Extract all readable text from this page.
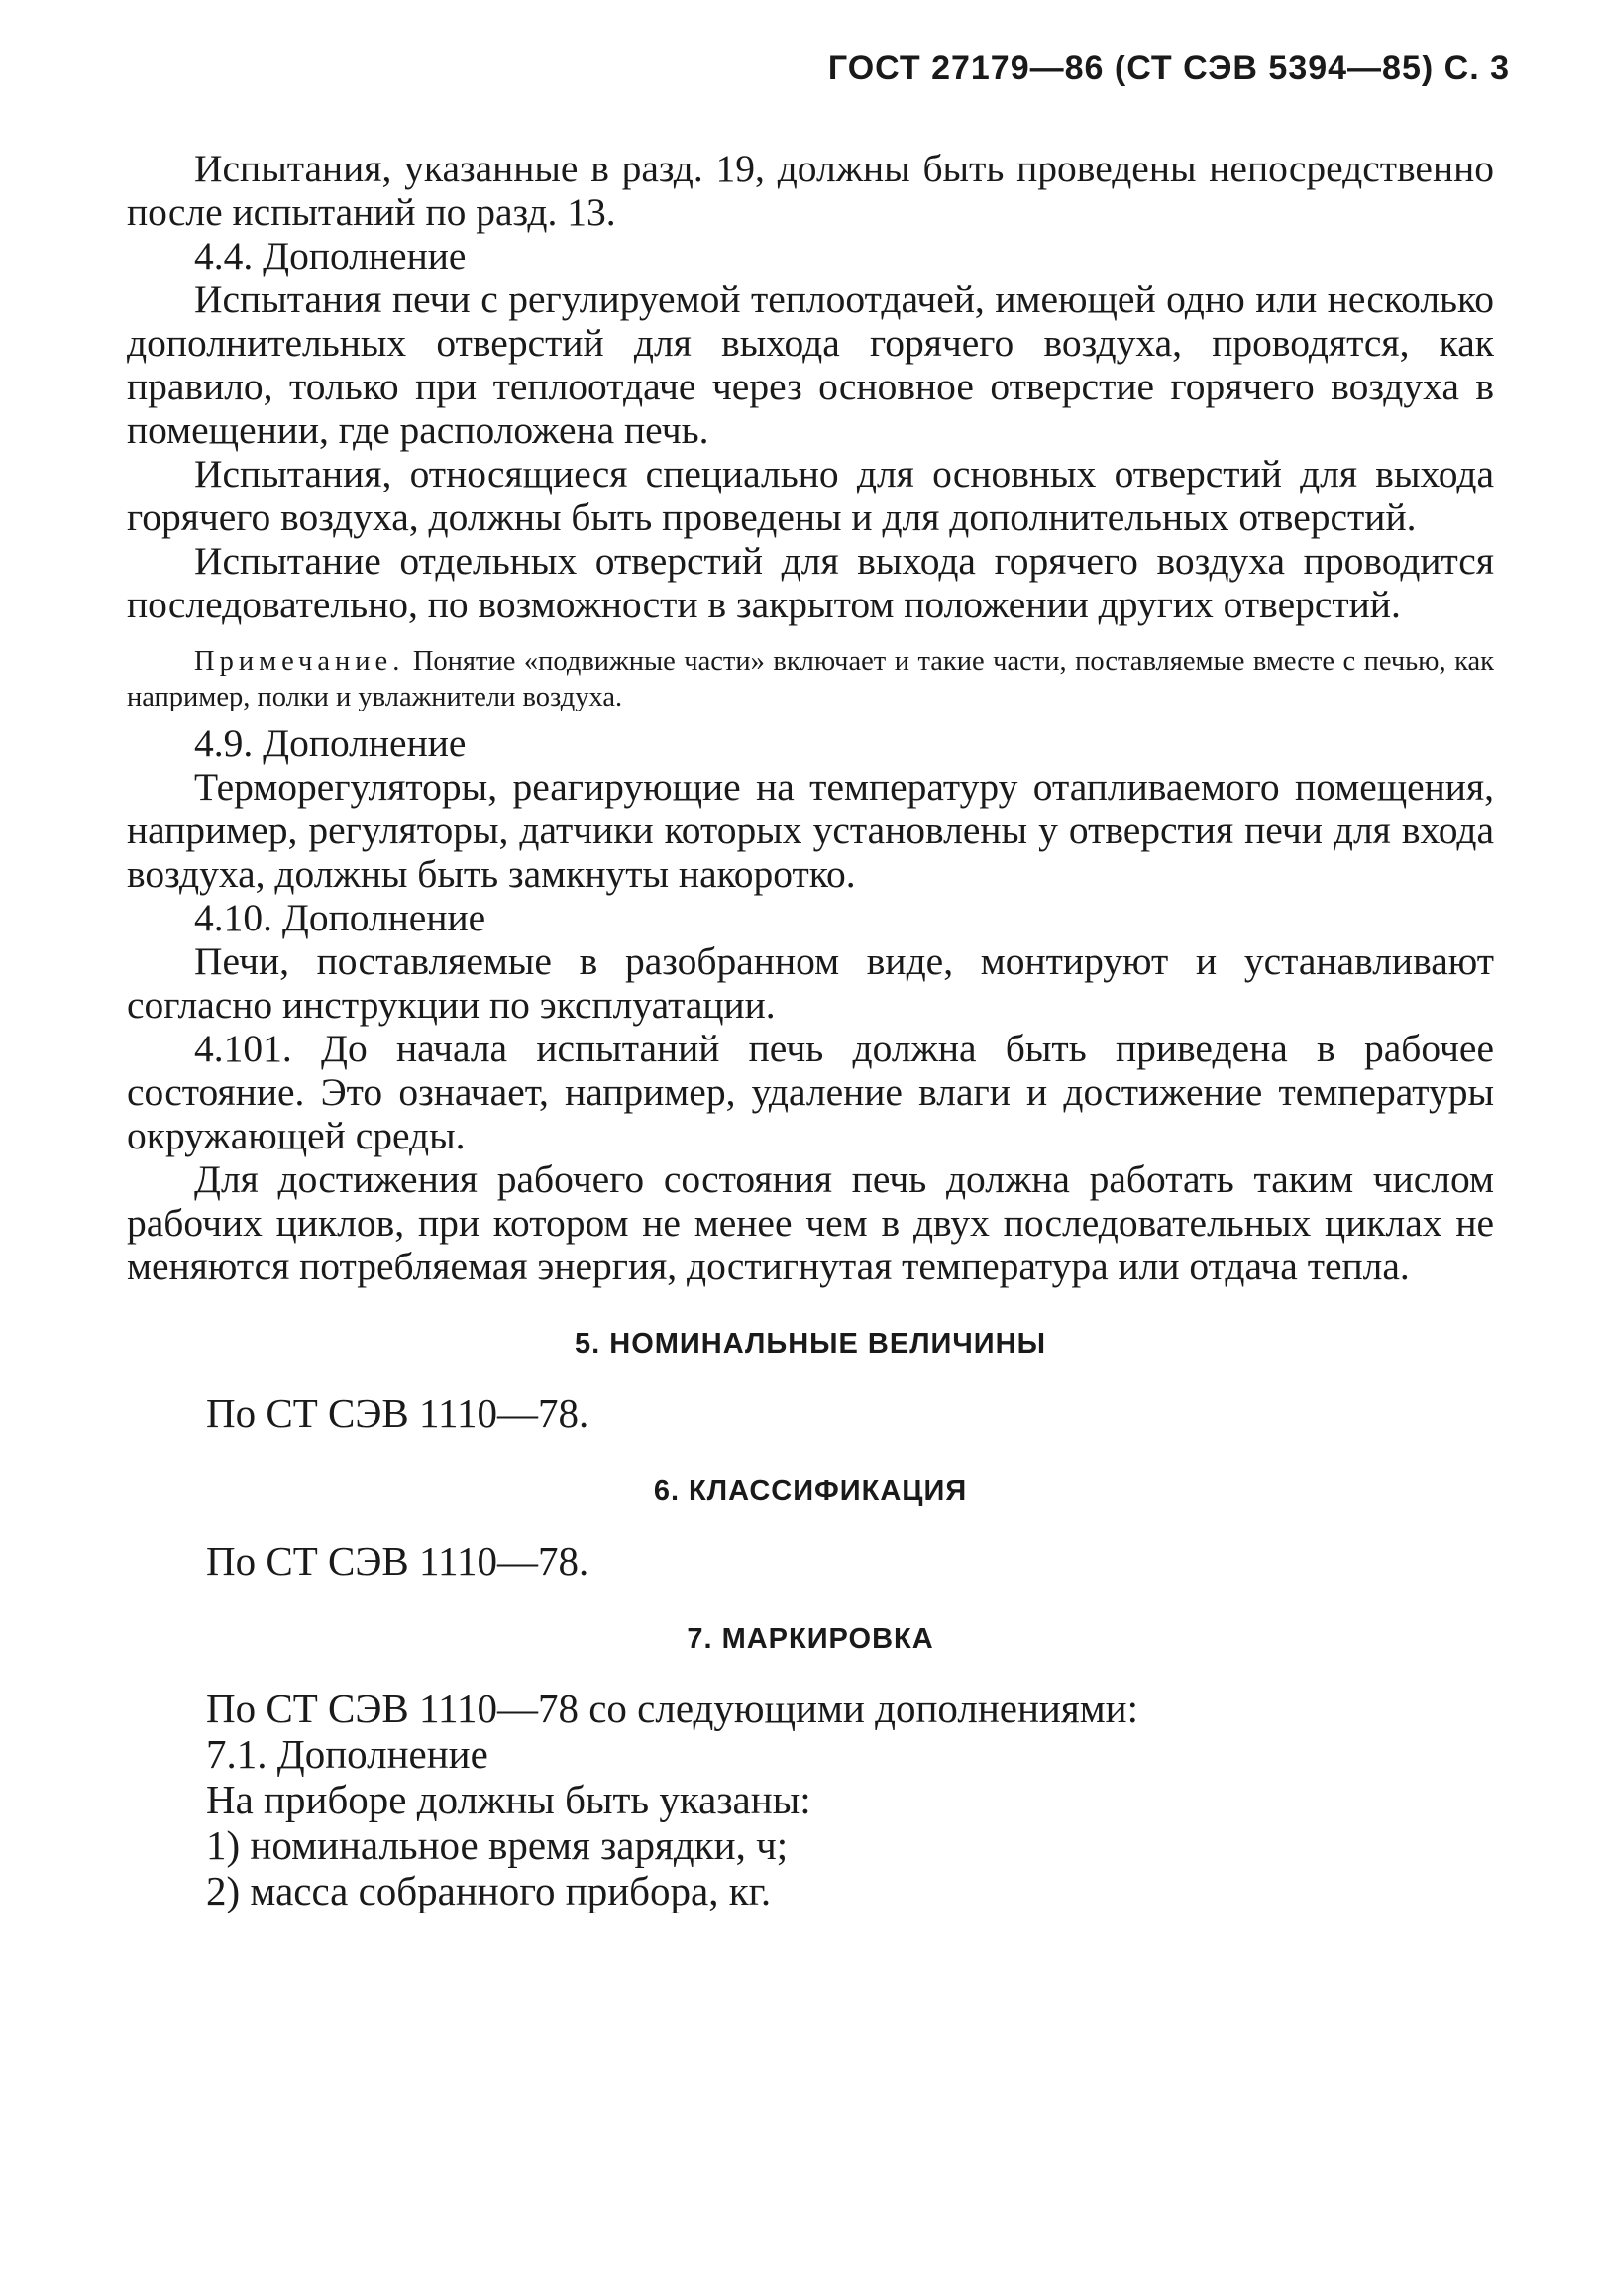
ГОСТ 27179—86 (СТ СЭВ 5394—85) С. 3

Испытания, указанные в разд. 19, должны быть проведены непосредственно после испытаний по разд. 13.

4.4. Дополнение

Испытания печи с регулируемой теплоотдачей, имеющей одно или несколько дополнительных отверстий для выхода горячего воздуха, проводятся, как правило, только при теплоотдаче через основное отверстие горячего воздуха в помещении, где расположена печь.

Испытания, относящиеся специально для основных отверстий для выхода горячего воздуха, должны быть проведены и для дополнительных отверстий.

Испытание отдельных отверстий для выхода горячего воздуха проводится последовательно, по возможности в закрытом положении других отверстий.

Примечание. Понятие «подвижные части» включает и такие части, поставляемые вместе с печью, как например, полки и увлажнители воздуха.

4.9. Дополнение

Терморегуляторы, реагирующие на температуру отапливаемого помещения, например, регуляторы, датчики которых установлены у отверстия печи для входа воздуха, должны быть замкнуты накоротко.

4.10. Дополнение

Печи, поставляемые в разобранном виде, монтируют и устанавливают согласно инструкции по эксплуатации.

4.101. До начала испытаний печь должна быть приведена в рабочее состояние. Это означает, например, удаление влаги и достижение температуры окружающей среды.

Для достижения рабочего состояния печь должна работать таким числом рабочих циклов, при котором не менее чем в двух последовательных циклах не меняются потребляемая энергия, достигнутая температура или отдача тепла.

5. НОМИНАЛЬНЫЕ ВЕЛИЧИНЫ

По СТ СЭВ 1110—78.

6. КЛАССИФИКАЦИЯ

По СТ СЭВ 1110—78.

7. МАРКИРОВКА

По СТ СЭВ 1110—78 со следующими дополнениями:

7.1. Дополнение

На приборе должны быть указаны:

1) номинальное время зарядки, ч;

2) масса собранного прибора, кг.
